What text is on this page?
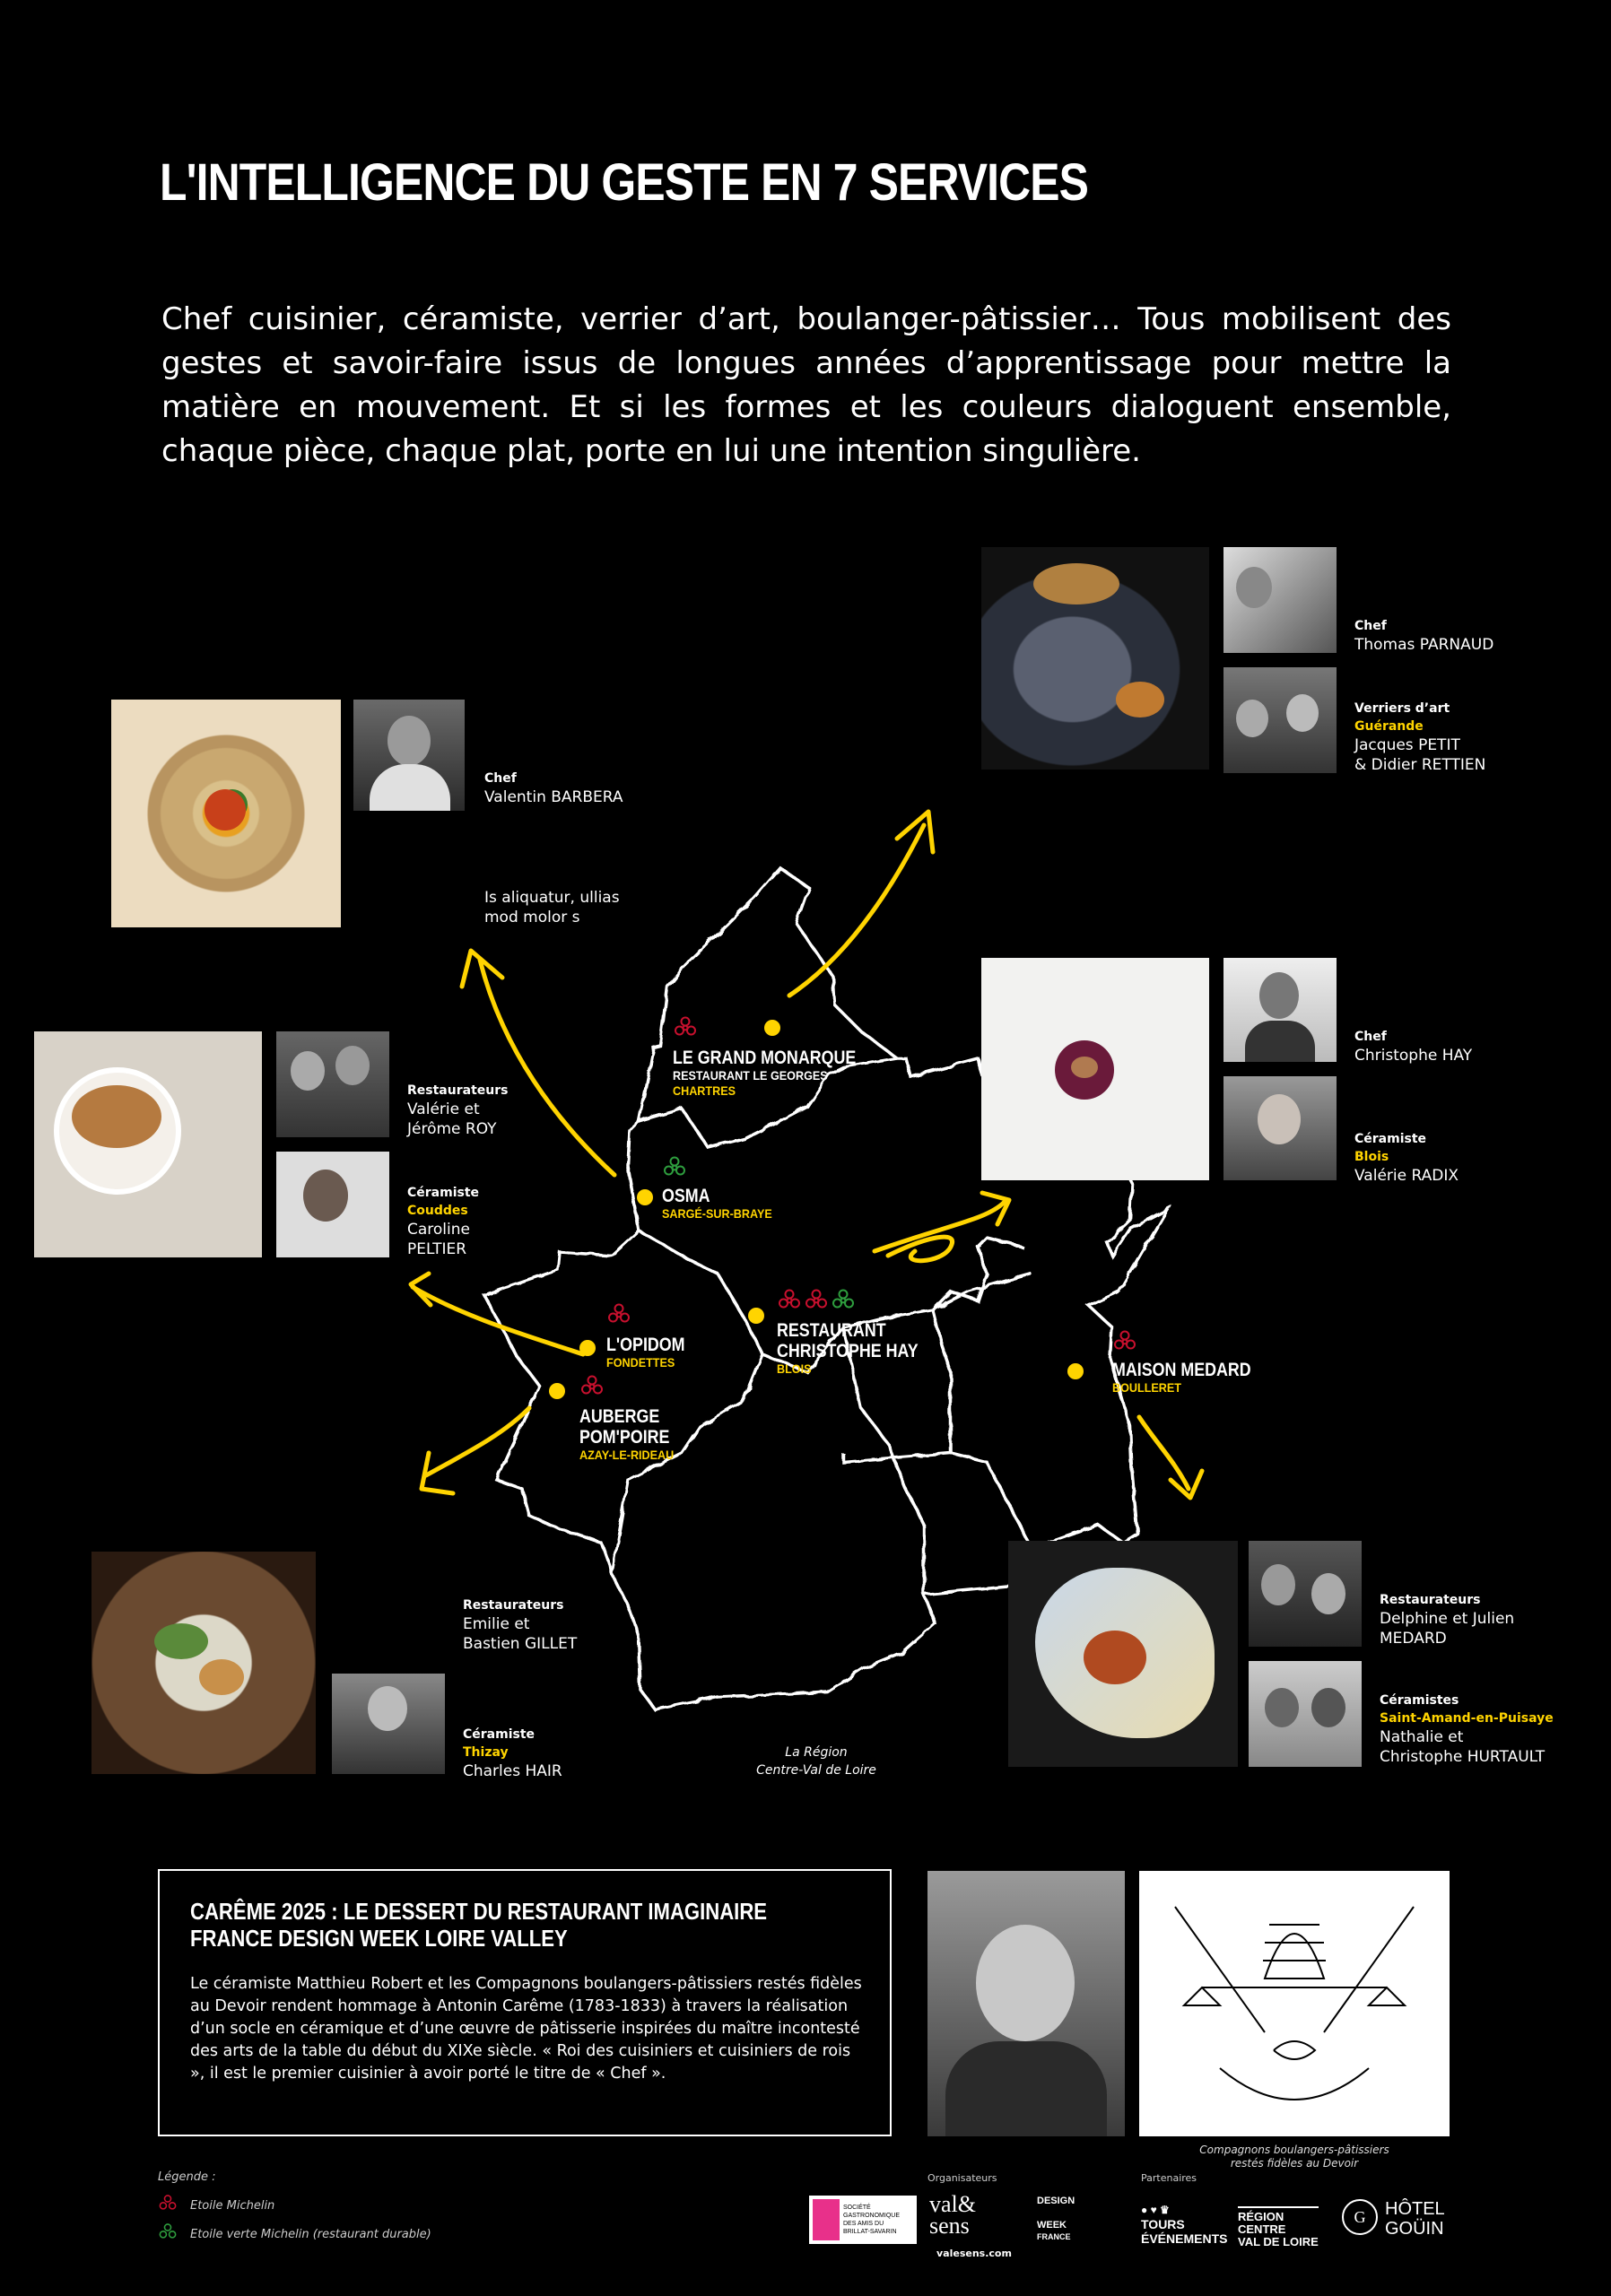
L'INTELLIGENCE DU GESTE EN 7 SERVICES
Chef cuisinier, céramiste, verrier d’art, boulanger-pâtissier… Tous mobilisent des gestes et savoir-faire issus de longues années d’apprentissage pour mettre la matière en mouvement. Et si les formes et les couleurs dialoguent ensemble, chaque pièce, chaque plat, porte en lui une intention singulière.
LE GRAND MONARQUE
RESTAURANT LE GEORGES
CHARTRES
OSMA
SARGÉ-SUR-BRAYE
L'OPIDOM
FONDETTES
AUBERGE
POM'POIRE
AZAY-LE-RIDEAU
RESTAURANT
CHRISTOPHE HAY
BLOIS	MAISON MEDARD
BOULLERET
La Région
Centre-Val de Loire
Chef
Valentin BARBERA
Is aliquatur, ullias
mod molor s
Chef
Thomas PARNAUD
Verriers d’art
Guérande
Jacques PETIT
& Didier RETTIEN
Restaurateurs
Valérie et
Jérôme ROY
Céramiste
Couddes
Caroline
PELTIER
Chef
Christophe HAY
Céramiste
Blois
Valérie RADIX
Restaurateurs
Emilie et
Bastien GILLET
Céramiste
Thizay
Charles HAIR
Restaurateurs
Delphine et Julien
MEDARD
Céramistes
Saint-Amand-en-Puisaye
Nathalie et
Christophe HURTAULT
CARÊME 2025 : LE DESSERT DU RESTAURANT IMAGINAIRE
FRANCE DESIGN WEEK LOIRE VALLEY
Le céramiste Matthieu Robert et les Compagnons boulangers-pâtissiers restés fidèles au Devoir rendent hommage à Antonin Carême (1783-1833) à travers la réalisation d’un socle en céramique et d’une œuvre de pâtisserie inspirées du maître incontesté des arts de la table du début du XIXe siècle. « Roi des cuisiniers et cuisiniers de rois », il est le premier cuisinier à avoir porté le titre de « Chef ».
Compagnons boulangers-pâtissiers
restés fidèles au Devoir
Légende :
Etoile Michelin
Etoile verte Michelin (restaurant durable)
Organisateurs	Partenaires
SOCIÉTÉ GASTRONOMIQUE DES AMIS DU BRILLAT-SAVARIN
val&
sens
valesens.com
DESIGN
WEEK
FRANCE
● ♥ ♛
TOURS
ÉVÉNEMENTS
RÉGION
CENTRE
VAL DE LOIRE
G	HÔTEL
GOÜIN
